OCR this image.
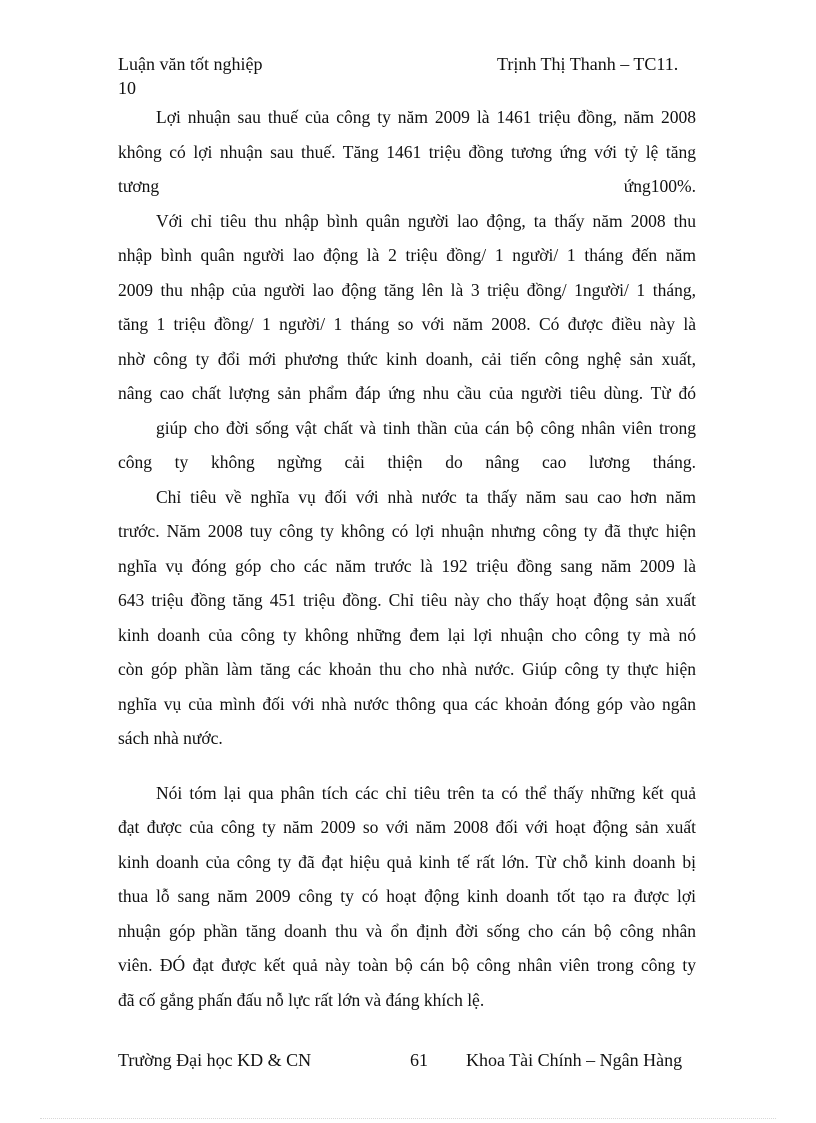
Luận văn tốt nghiệp	Trịnh Thị Thanh – TC11.
10
Lợi nhuận sau thuế của công ty năm 2009 là 1461 triệu đồng, năm 2008
không có lợi nhuận sau thuế. Tăng 1461 triệu đồng tương ứng với tỷ lệ tăng
tương ứng100%.
Với chỉ tiêu thu nhập bình quân người lao động, ta thấy năm 2008 thu
nhập bình quân người lao động là 2 triệu đồng/ 1 người/ 1 tháng đến năm
2009 thu nhập của người lao động tăng lên là 3 triệu đồng/ 1người/ 1 tháng,
tăng 1 triệu đồng/ 1 người/ 1 tháng so với năm 2008. Có được điều này là
nhờ công ty đổi mới phương thức kinh doanh, cải tiến công nghệ sản xuất,
nâng cao chất lượng sản phẩm đáp ứng nhu cầu của người tiêu dùng. Từ đó
giúp cho đời sống vật chất và tinh thần của cán bộ công nhân viên trong
công ty không ngừng cải thiện do nâng cao lương tháng.
Chỉ tiêu về nghĩa vụ đối với nhà nước ta thấy năm sau cao hơn năm
trước. Năm 2008 tuy công ty không có lợi nhuận nhưng công ty đã thực hiện
nghĩa vụ đóng góp cho các năm trước là 192 triệu đồng sang năm 2009 là
643 triệu đồng tăng 451 triệu đồng. Chỉ tiêu này cho thấy hoạt động sản xuất
kinh doanh của công ty không những đem lại lợi nhuận cho công ty mà nó
còn góp phần làm tăng các khoản thu cho nhà nước. Giúp công ty thực hiện
nghĩa vụ của mình đối với nhà nước thông qua các khoản đóng góp vào ngân
sách nhà nước.
Nói tóm lại qua phân tích các chỉ tiêu trên ta có thể thấy những kết quả
đạt được của công ty năm 2009 so với năm 2008 đối với hoạt động sản xuất
kinh doanh của công ty đã đạt hiệu quả kinh tế rất lớn. Từ chỗ kinh doanh bị
thua lỗ sang năm 2009 công ty có hoạt động kinh doanh tốt tạo ra được lợi
nhuận góp phần tăng doanh thu và ổn định đời sống cho cán bộ công nhân
viên. ĐÓ đạt được kết quả này toàn bộ cán bộ công nhân viên trong công ty
đã cố gắng phấn đấu nỗ lực rất lớn và đáng khích lệ.
Trường Đại học KD & CN	61 Khoa Tài Chính – Ngân Hàng
